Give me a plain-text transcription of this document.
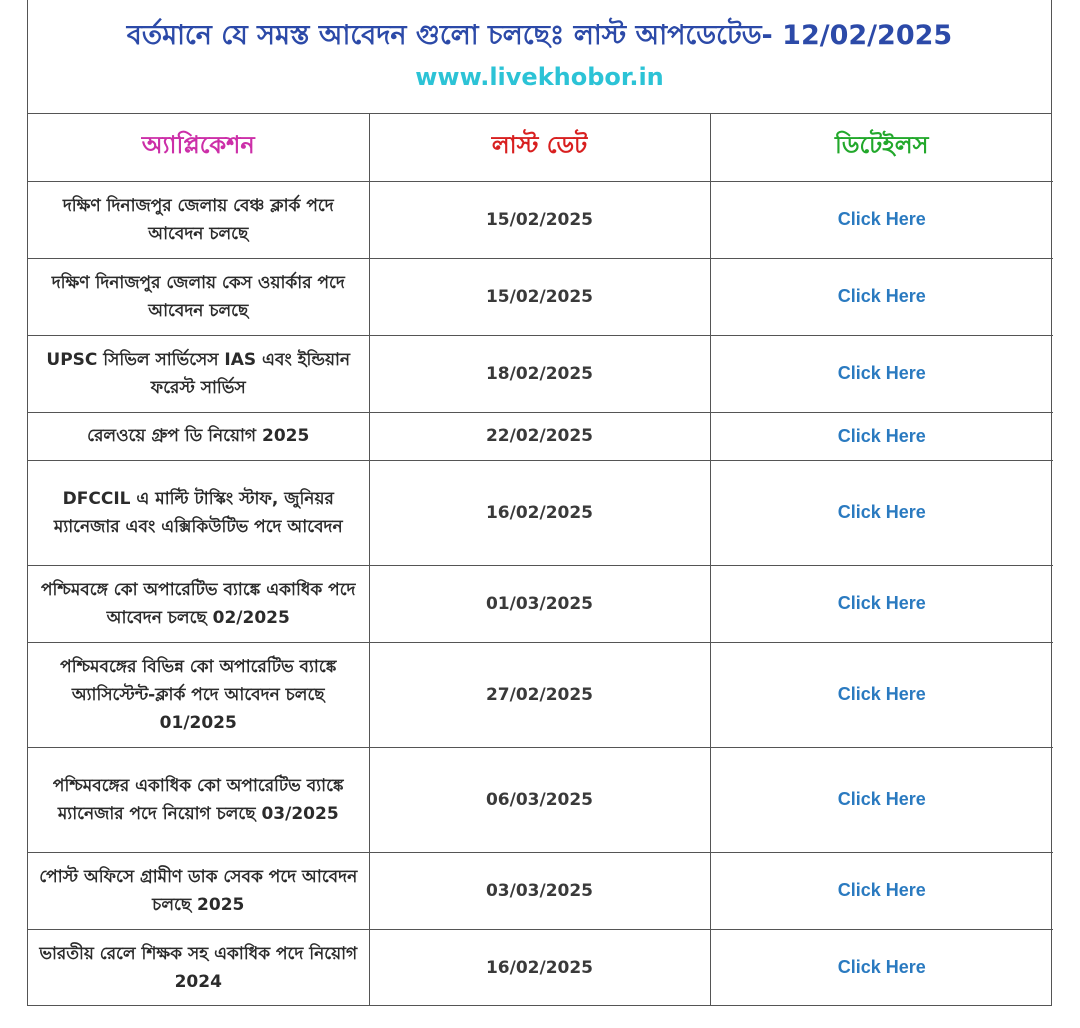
বর্তমানে যে সমস্ত আবেদন গুলো চলছেঃ লাস্ট আপডেটেড- 12/02/2025
www.livekhobor.in
অ্যাপ্লিকেশন	লাস্ট ডেট	ডিটেইলস
দক্ষিণ দিনাজপুর জেলায় বেঞ্চ ক্লার্ক পদে আবেদন চলছে	15/02/2025	Click Here
দক্ষিণ দিনাজপুর জেলায় কেস ওয়ার্কার পদে আবেদন চলছে	15/02/2025	Click Here
UPSC সিভিল সার্ভিসেস IAS এবং ইন্ডিয়ান ফরেস্ট সার্ভিস	18/02/2025	Click Here
রেলওয়ে গ্রুপ ডি নিয়োগ 2025	22/02/2025	Click Here
DFCCIL এ মাল্টি টাস্কিং স্টাফ, জুনিয়র ম্যানেজার এবং এক্সিকিউটিভ পদে আবেদন	16/02/2025	Click Here
পশ্চিমবঙ্গে কো অপারেটিভ ব্যাঙ্কে একাধিক পদে আবেদন চলছে 02/2025	01/03/2025	Click Here
পশ্চিমবঙ্গের বিভিন্ন কো অপারেটিভ ব্যাঙ্কে অ্যাসিস্টেন্ট-ক্লার্ক পদে আবেদন চলছে 01/2025	27/02/2025	Click Here
পশ্চিমবঙ্গের একাধিক কো অপারেটিভ ব্যাঙ্কে ম্যানেজার পদে নিয়োগ চলছে 03/2025	06/03/2025	Click Here
পোস্ট অফিসে গ্রামীণ ডাক সেবক পদে আবেদন চলছে 2025	03/03/2025	Click Here
ভারতীয় রেলে শিক্ষক সহ একাধিক পদে নিয়োগ 2024	16/02/2025	Click Here
